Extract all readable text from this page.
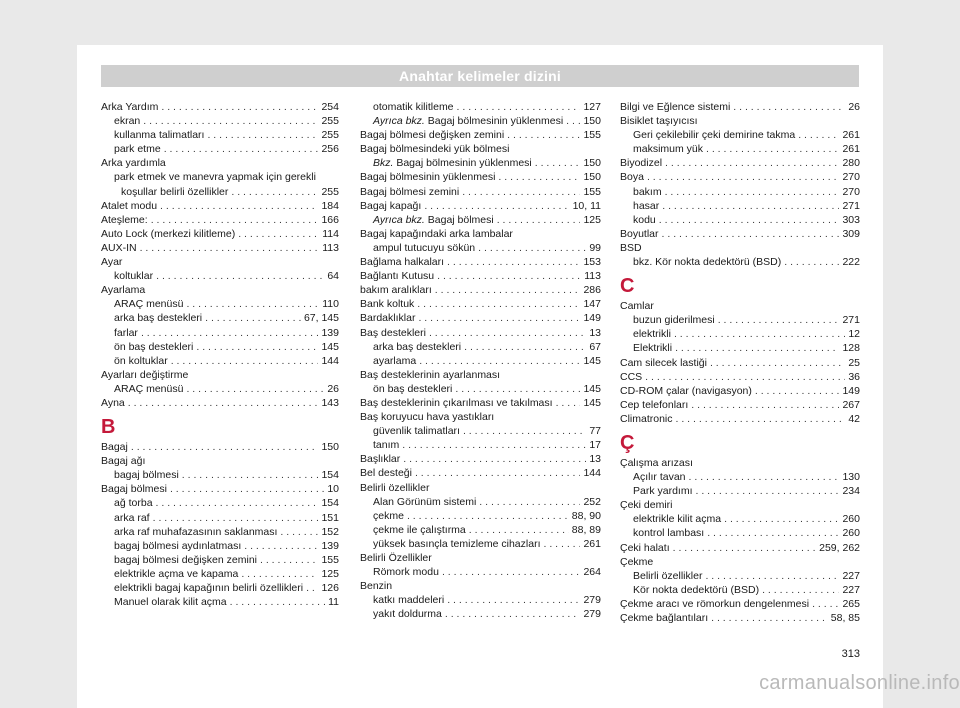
Anahtar kelimeler dizini
Arka Yardım . . .	254
ekran . . .	255
kullanma talimatları . . .	255
park etme . . .	256
Arka yardımla
park etmek ve manevra yapmak için gerekli
koşullar belirli özellikler . . .	255
Atalet modu . . .	184
Ateşleme: . . .	166
Auto Lock (merkezi kilitleme) . . .	114
AUX-IN . . .	113
Ayar
koltuklar . . .	64
Ayarlama
ARAÇ menüsü . . .	110
arka baş destekleri . . .	67, 145
farlar . . .	139
ön baş destekleri . . .	145
ön koltuklar . . .	144
Ayarları değiştirme
ARAÇ menüsü . . .	26
Ayna . . .	143
B
Bagaj . . .	150
Bagaj ağı
bagaj bölmesi . . .	154
Bagaj bölmesi . . .	10
ağ torba . . .	154
arka raf . . .	151
arka raf muhafazasının saklanması . . .	152
bagaj bölmesi aydınlatması . . .	139
bagaj bölmesi değişken zemini . . .	155
elektrikle açma ve kapama . . .	125
elektrikli bagaj kapağının belirli özellikleri . . . 126
Manuel olarak kilit açma . . .	11
otomatik kilitleme . . .	127
Ayrıca bkz. Bagaj bölmesinin yüklenmesi . . . 150
Bagaj bölmesi değişken zemini . . .	155
Bagaj bölmesindeki yük bölmesi
Bkz. Bagaj bölmesinin yüklenmesi . . .	150
Bagaj bölmesinin yüklenmesi . . .	150
Bagaj bölmesi zemini . . .	155
Bagaj kapağı . . .	10, 11
Ayrıca bkz. Bagaj bölmesi . . .	125
Bagaj kapağındaki arka lambalar
ampul tutucuyu sökün . . .	99
Bağlama halkaları . . .	153
Bağlantı Kutusu . . .	113
bakım aralıkları . . .	286
Bank koltuk . . .	147
Bardaklıklar . . .	149
Baş destekleri . . .	13
arka baş destekleri . . .	67
ayarlama . . .	145
Baş desteklerinin ayarlanması
ön baş destekleri . . .	145
Baş desteklerinin çıkarılması ve takılması . . .	145
Baş koruyucu hava yastıkları
güvenlik talimatları . . .	77
tanım . . .	17
Başlıklar . . .	13
Bel desteği . . .	144
Belirli özellikler
Alan Görünüm sistemi . . .	252
çekme . . .	88, 90
çekme ile çalıştırma . . .	88, 89
yüksek basınçla temizleme cihazları . . .	261
Belirli Özellikler
Römork modu . . .	264
Benzin
katkı maddeleri . . .	279
yakıt doldurma . . .	279
Bilgi ve Eğlence sistemi . . .	26
Bisiklet taşıyıcısı
Geri çekilebilir çeki demirine takma . . .	261
maksimum yük . . .	261
Biyodizel . . .	280
Boya . . .	270
bakım . . .	270
hasar . . .	271
kodu . . .	303
Boyutlar . . .	309
BSD
bkz. Kör nokta dedektörü (BSD) . . .	222
C
Camlar
buzun giderilmesi . . .	271
elektrikli . . .	12
Elektrikli . . .	128
Cam silecek lastiği . . .	25
CCS . . .	36
CD-ROM çalar (navigasyon) . . .	149
Cep telefonları . . .	267
Climatronic . . .	42
Ç
Çalışma arızası
Açılır tavan . . .	130
Park yardımı . . .	234
Çeki demiri
elektrikle kilit açma . . .	260
kontrol lambası . . .	260
Çeki halatı . . .	259, 262
Çekme
Belirli özellikler . . .	227
Kör nokta dedektörü (BSD) . . .	227
Çekme aracı ve römorkun dengelenmesi . . .	265
Çekme bağlantıları . . .	58, 85
313
carmanualsonline.info
